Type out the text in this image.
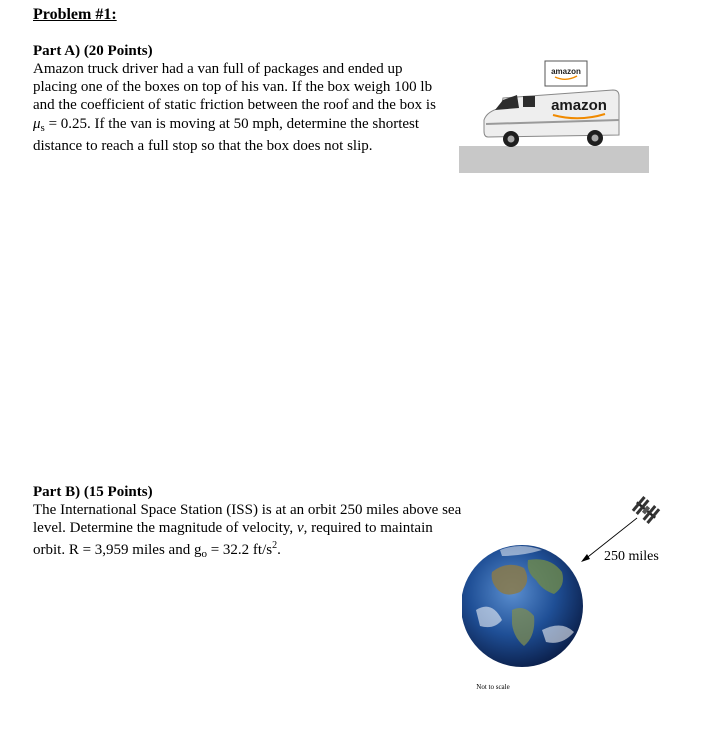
Problem #1:
Part A) (20 Points)
Amazon truck driver had a van full of packages and ended up placing one of the boxes on top of his van. If the box weigh 100 lb and the coefficient of static friction between the roof and the box is $\mu_s = 0.25$. If the van is moving at 50 mph, determine the shortest distance to reach a full stop so that the box does not slip.
amazon
amazon
Part B) (15 Points)
The International Space Station (ISS) is at an orbit 250 miles above sea level. Determine the magnitude of velocity, v, required to maintain orbit. R = 3,959 miles and $g_o = 32.2$ $ft/s^2$.	250 miles
Not to scale
